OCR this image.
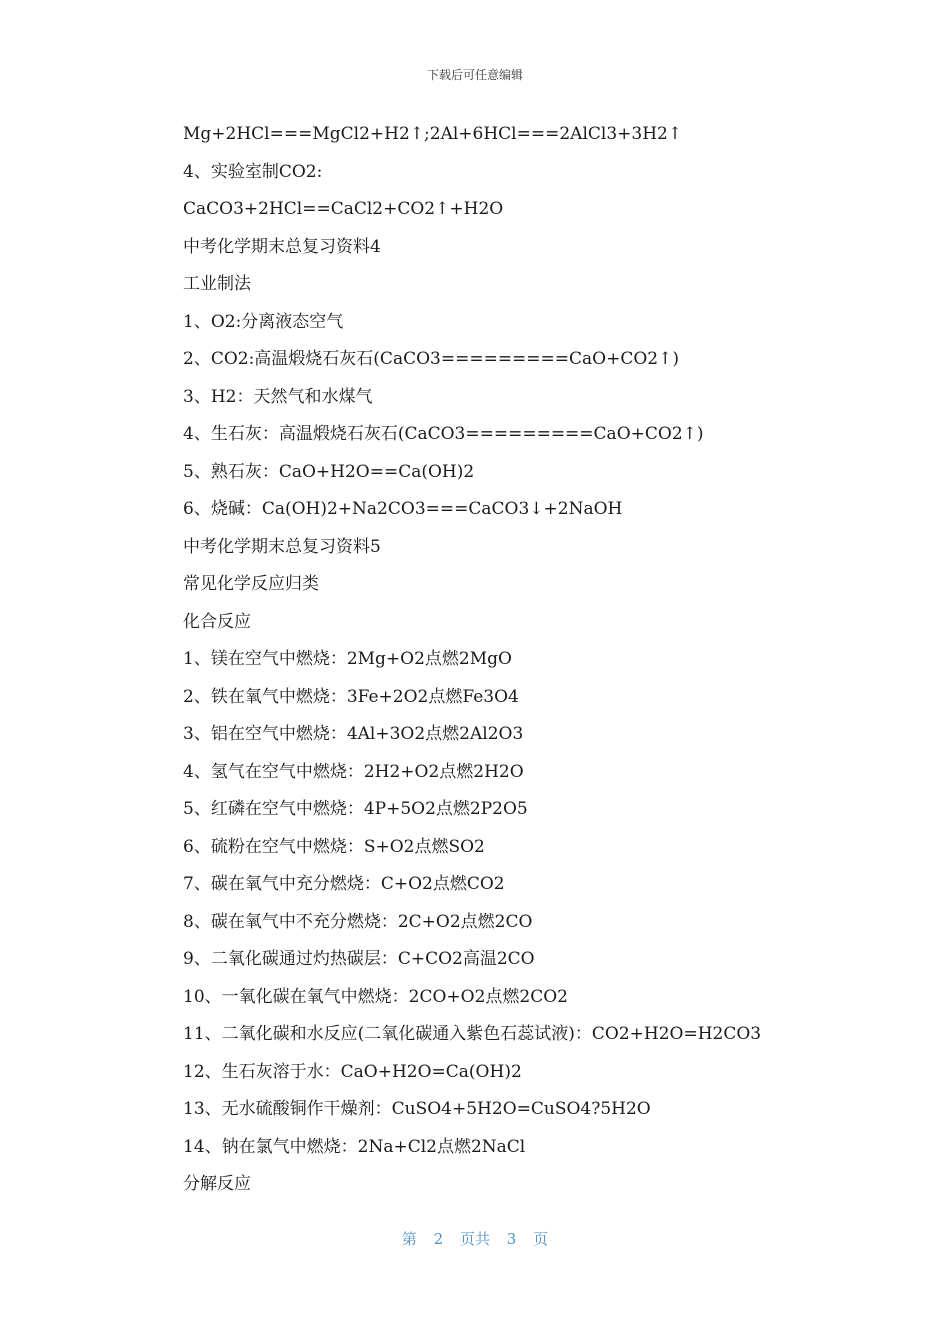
下载后可任意编辑
Mg+2HCl===MgCl2+H2↑;2Al+6HCl===2AlCl3+3H2↑
4、实验室制CO2:
CaCO3+2HCl==CaCl2+CO2↑+H2O
中考化学期末总复习资料4
工业制法
1、O2:分离液态空气
2、CO2:高温煅烧石灰石(CaCO3=========CaO+CO2↑)
3、H2：天然气和水煤气
4、生石灰：高温煅烧石灰石(CaCO3=========CaO+CO2↑)
5、熟石灰：CaO+H2O==Ca(OH)2
6、烧碱：Ca(OH)2+Na2CO3===CaCO3↓+2NaOH
中考化学期末总复习资料5
常见化学反应归类
化合反应
1、镁在空气中燃烧：2Mg+O2点燃2MgO
2、铁在氧气中燃烧：3Fe+2O2点燃Fe3O4
3、铝在空气中燃烧：4Al+3O2点燃2Al2O3
4、氢气在空气中燃烧：2H2+O2点燃2H2O
5、红磷在空气中燃烧：4P+5O2点燃2P2O5
6、硫粉在空气中燃烧：S+O2点燃SO2
7、碳在氧气中充分燃烧：C+O2点燃CO2
8、碳在氧气中不充分燃烧：2C+O2点燃2CO
9、二氧化碳通过灼热碳层：C+CO2高温2CO
10、一氧化碳在氧气中燃烧：2CO+O2点燃2CO2
11、二氧化碳和水反应(二氧化碳通入紫色石蕊试液)：CO2+H2O=H2CO3
12、生石灰溶于水：CaO+H2O=Ca(OH)2
13、无水硫酸铜作干燥剂：CuSO4+5H2O=CuSO4?5H2O
14、钠在氯气中燃烧：2Na+Cl2点燃2NaCl
分解反应
第 2 页共 3 页
